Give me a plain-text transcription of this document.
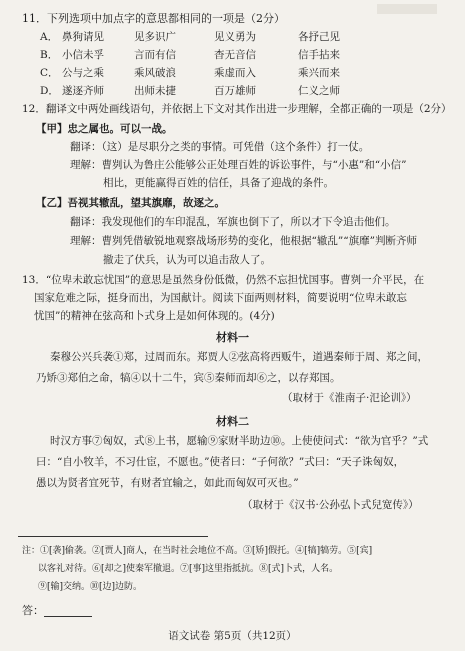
11．下列选项中加点字的意思都相同的一项是（2分）
A． 鼻狗请见	见多识广	见义勇为	各抒己见
B． 小信未孚	言而有信	杳无音信	信手拈来
C． 公与之乘	乘风破浪	乘虚而入	乘兴而来
D． 遂逐齐师	出师未捷	百万雄师	仁义之师
12．翻译文中两处画线语句，并依据上下文对其作出进一步理解，全都正确的一项是（2分）
【甲】忠之属也。可以一战。
翻译：（这）是尽职分之类的事情。可凭借（这个条件）打一仗。
理解：曹刿认为鲁庄公能够公正处理百姓的诉讼事件，与“小惠”和“小信”
相比，更能赢得百姓的信任，具备了迎战的条件。
【乙】吾视其辙乱，望其旗靡，故逐之。
翻译：我发现他们的车印混乱，军旗也倒下了，所以才下令追击他们。
理解：曹刿凭借敏锐地观察战场形势的变化，他根据“辙乱”“旗靡”判断齐师
撤走了伏兵，认为可以追击敌人了。
13．“位卑未敢忘忧国”的意思是虽然身份低微，仍然不忘担忧国事。曹刿一介平民，在
国家危难之际，挺身而出，为国献计。阅读下面两则材料，简要说明“位卑未敢忘
忧国”的精神在弦高和卜式身上是如何体现的。(4分)
材料一
秦穆公兴兵袭①郑，过周而东。郑贾人②弦高将西贩牛，道遇秦师于周、郑之间，
乃矫③郑伯之命，犒④以十二牛，宾⑤秦师而却⑥之，以存郑国。
（取材于《淮南子·氾论训》）
材料二
时汉方事⑦匈奴，式⑧上书，愿输⑨家财半助边⑩。上使使问式：“欲为官乎？”式
曰：“自小牧羊，不习仕宦，不愿也。”使者曰：“子何欲？”式曰：“天子诛匈奴，
愚以为贤者宜死节，有财者宜输之，如此而匈奴可灭也。”
（取材于《汉书·公孙弘卜式兒宽传》）
注：①[袭]偷袭。②[贾人]商人，在当时社会地位不高。③[矫]假托。④[犒]犒劳。⑤[宾]
以客礼对待。⑥[却之]使秦军撤退。⑦[事]这里指抵抗。⑧[式]卜式，人名。
⑨[输]交纳。⑩[边]边防。
答：
语文试卷 第5页（共12页）
